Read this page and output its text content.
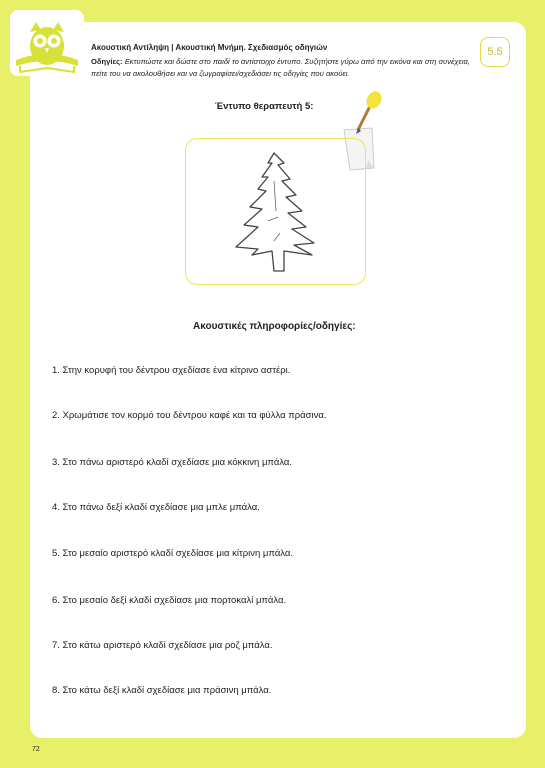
Ακουστική Αντίληψη | Ακουστική Μνήμη. Σχεδιασμός οδηγιών
Οδηγίες: Εκτυπώστε και δώστε στο παιδί το αντίστοιχο έντυπο. Συζητήστε γύρω από την εικόνα και στη συνέχεια, πείτε του να ακολουθήσει και να ζωγραφίσει/σχεδιάσει τις οδηγίες που ακούει.
5.5
Έντυπο θεραπευτή 5:
Ακουστικές πληροφορίες/οδηγίες:
1. Στην κορυφή του δέντρου σχεδίασε ένα κίτρινο αστέρι.
2. Χρωμάτισε τον κορμό του δέντρου καφέ και τα φύλλα πράσινα.
3. Στο πάνω αριστερό κλαδί σχεδίασε μια κόκκινη μπάλα.
4. Στο πάνω δεξί κλαδί σχεδίασε μια μπλε μπάλα.
5. Στο μεσαίο αριστερό κλαδί σχεδίασε μια κίτρινη μπάλα.
6. Στο μεσαίο δεξί κλαδί σχεδίασε μια πορτοκαλί μπάλα.
7. Στο κάτω αριστερό κλαδί σχεδίασε μια ροζ μπάλα.
8. Στο κάτω δεξί κλαδί σχεδίασε μια πράσινη μπάλα.
72
